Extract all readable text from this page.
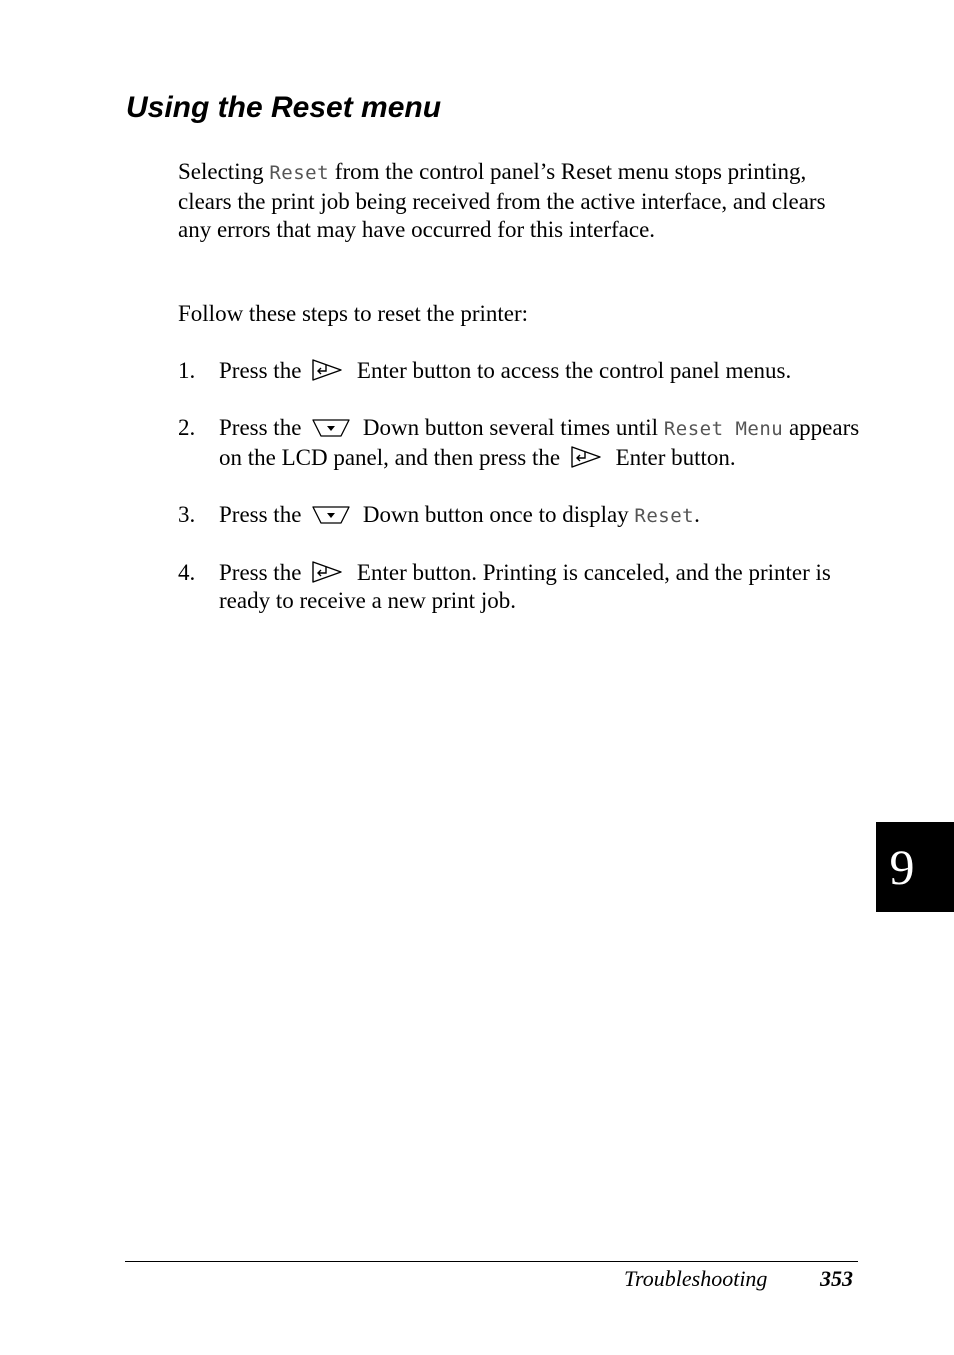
Using the Reset menu

Selecting Reset from the control panel’s Reset menu stops printing, clears the print job being received from the active interface, and clears any errors that may have occurred for this interface.

Follow these steps to reset the printer:

1. Press the Enter button to access the control panel menus.
2. Press the	Down button several times until Reset Menu appears on the LCD panel, and then press the Enter button.
3. Press the	Down button once to display Reset.
4. Press the Enter button. Printing is canceled, and the printer is ready to receive a new print job.
9
Troubleshooting 353
